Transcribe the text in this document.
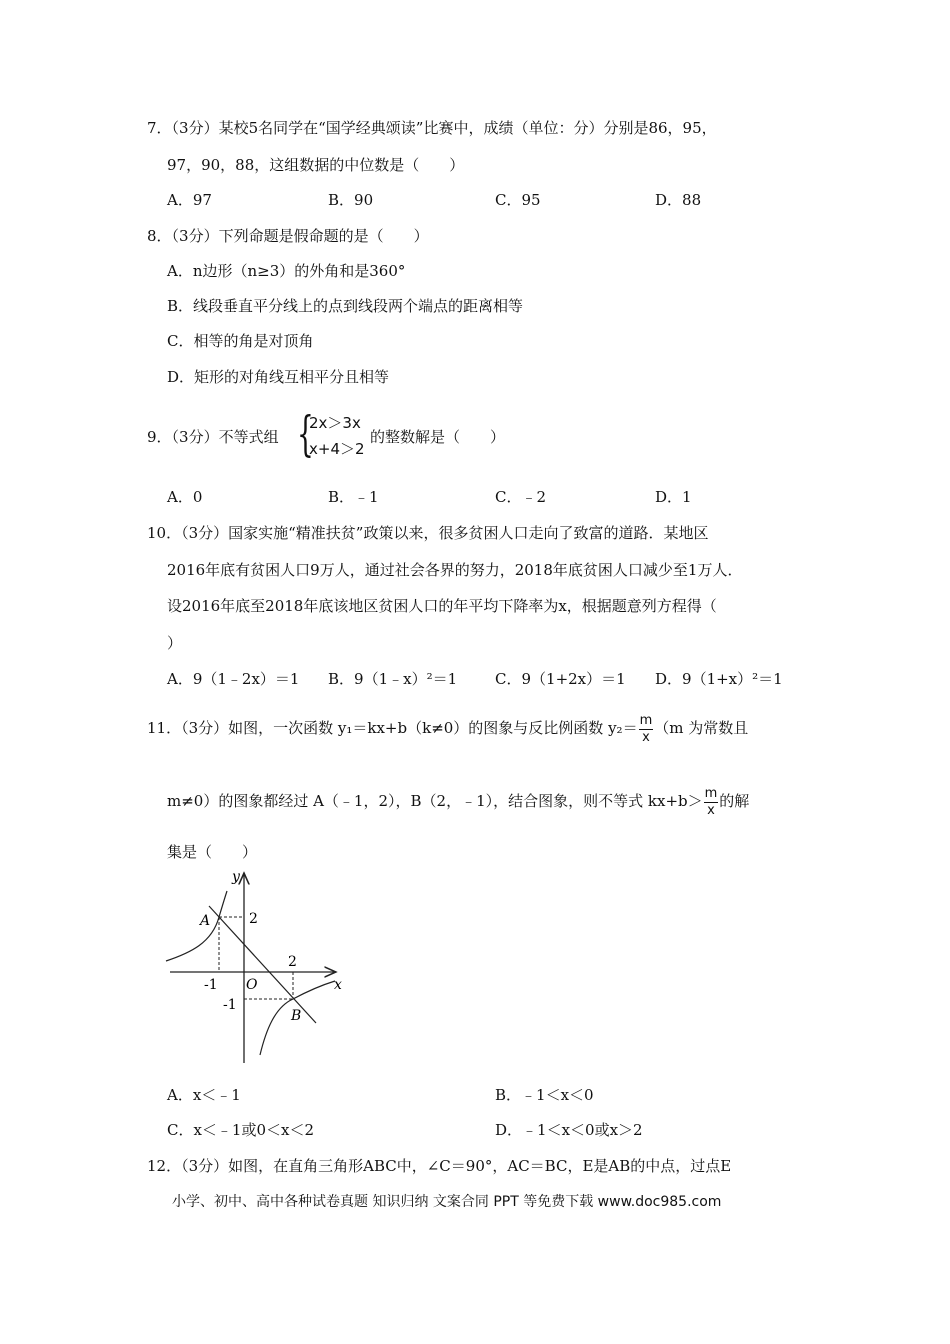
7．（3分）某校5名同学在“国学经典颂读”比赛中，成绩（单位：分）分别是86，95，
97，90，88，这组数据的中位数是（　　）
A．97	B．90	C．95	D．88
8．（3分）下列命题是假命题的是（　　）
A．n边形（n≥3）的外角和是360°
B．线段垂直平分线上的点到线段两个端点的距离相等
C．相等的角是对顶角
D．矩形的对角线互相平分且相等
9．（3分）不等式组 {
2x＞3x
x+4＞2
的整数解是（　　）
A．0	B．﹣1	C．﹣2	D．1
10．（3分）国家实施“精准扶贫”政策以来，很多贫困人口走向了致富的道路．某地区
2016年底有贫困人口9万人，通过社会各界的努力，2018年底贫困人口减少至1万人．
设2016年底至2018年底该地区贫困人口的年平均下降率为x，根据题意列方程得（
）
A．9（1﹣2x）＝1 B．9（1﹣x）²＝1	C．9（1+2x）＝1 D．9（1+x）²＝1
11．（3分）如图，一次函数 y₁＝kx+b（k≠0）的图象与反比例函数 $y_2= \frac{m}{x} (m$ 为常数且
m≠0）的图象都经过 A（﹣1，2），B（2，﹣1），结合图象，则不等式 $kx+b> \frac{m}{x}$ 的解
集是（　　）
y
x
O
A
B
-1
2
2
-1
A．x＜﹣1	B．﹣1＜x＜0
C．x＜﹣1或0＜x＜2	D．﹣1＜x＜0或x＞2
12．（3分）如图，在直角三角形ABC中，∠C＝90°，AC＝BC，E是AB的中点，过点E
小学、初中、高中各种试卷真题 知识归纳 文案合同 PPT 等免费下载 www.doc985.com
